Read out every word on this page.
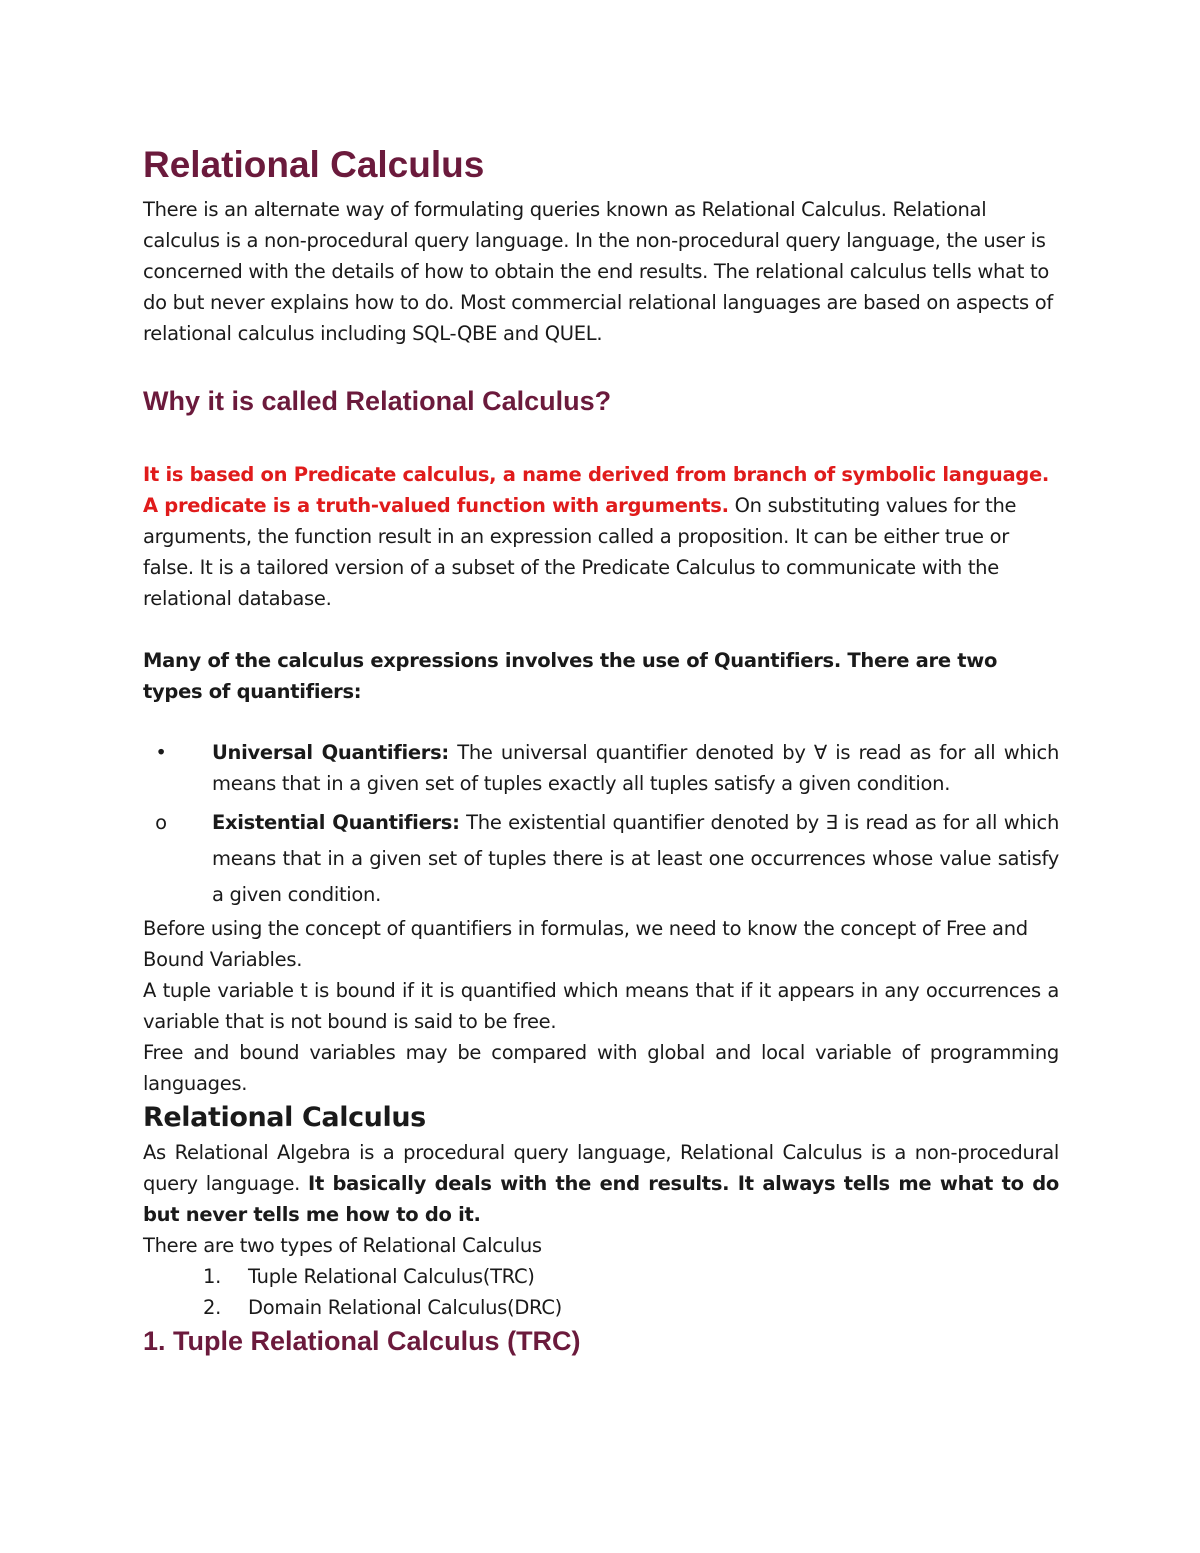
Relational Calculus

There is an alternate way of formulating queries known as Relational Calculus. Relational calculus is a non-procedural query language. In the non-procedural query language, the user is concerned with the details of how to obtain the end results. The relational calculus tells what to do but never explains how to do. Most commercial relational languages are based on aspects of relational calculus including SQL-QBE and QUEL.

Why it is called Relational Calculus?

It is based on Predicate calculus, a name derived from branch of symbolic language. A predicate is a truth-valued function with arguments. On substituting values for the arguments, the function result in an expression called a proposition. It can be either true or false. It is a tailored version of a subset of the Predicate Calculus to communicate with the relational database.

Many of the calculus expressions involves the use of Quantifiers. There are two types of quantifiers:

• Universal Quantifiers: The universal quantifier denoted by ∀ is read as for all which means that in a given set of tuples exactly all tuples satisfy a given condition.
o Existential Quantifiers: The existential quantifier denoted by ∃ is read as for all which means that in a given set of tuples there is at least one occurrences whose value satisfy a given condition.

Before using the concept of quantifiers in formulas, we need to know the concept of Free and Bound Variables.

A tuple variable t is bound if it is quantified which means that if it appears in any occurrences a variable that is not bound is said to be free.

Free and bound variables may be compared with global and local variable of programming languages.

Relational Calculus

As Relational Algebra is a procedural query language, Relational Calculus is a non-procedural query language. It basically deals with the end results. It always tells me what to do but never tells me how to do it.

There are two types of Relational Calculus

1. Tuple Relational Calculus(TRC)
2. Domain Relational Calculus(DRC)
1. Tuple Relational Calculus (TRC)
